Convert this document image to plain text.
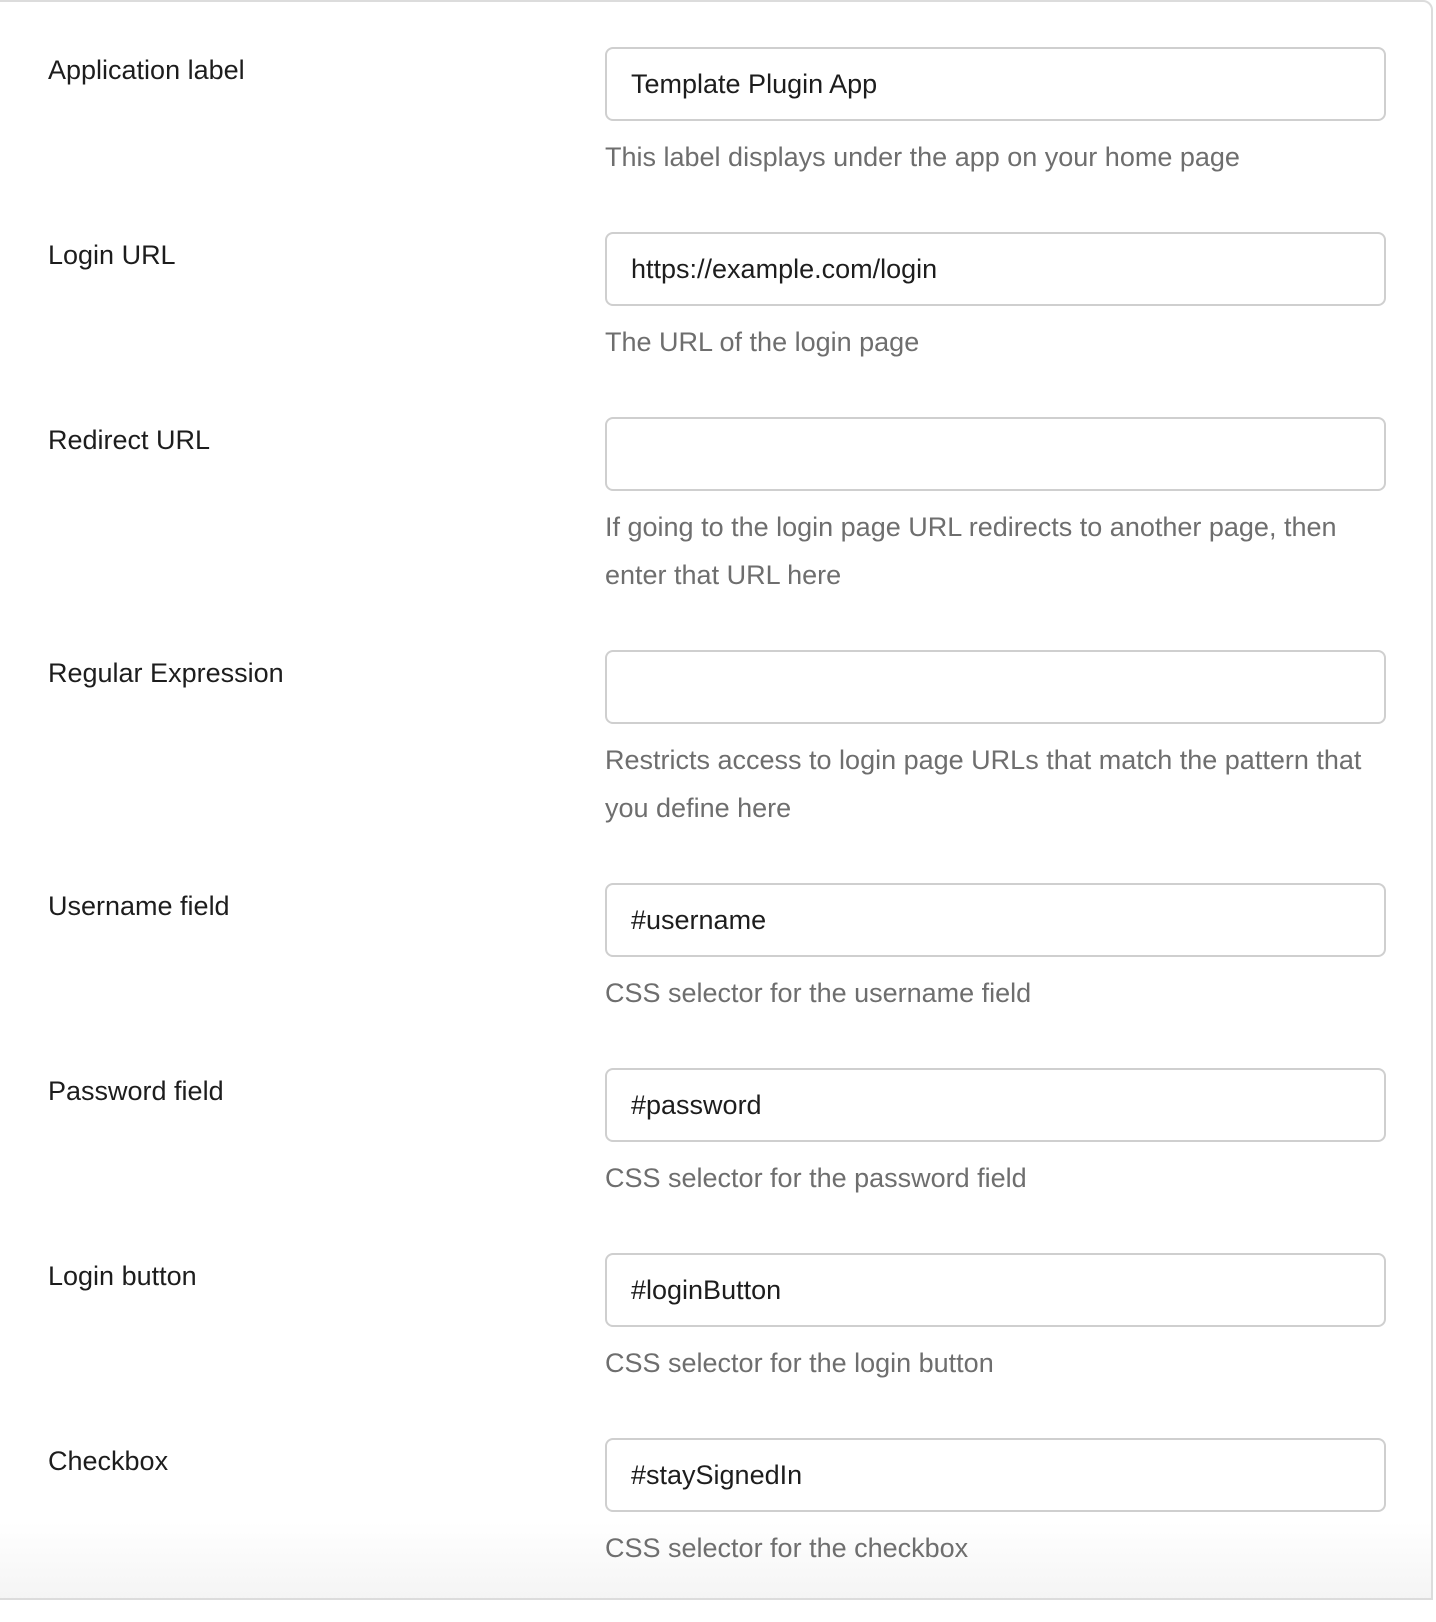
Application label	Template Plugin App
This label displays under the app on your home page
Login URL	https://example.com/login
The URL of the login page
Redirect URL
If going to the login page URL redirects to another page, then enter that URL here
Regular Expression
Restricts access to login page URLs that match the pattern that you define here
Username field	#username
CSS selector for the username field
Password field	#password
CSS selector for the password field
Login button	#loginButton
CSS selector for the login button
Checkbox	#staySignedIn
CSS selector for the checkbox
